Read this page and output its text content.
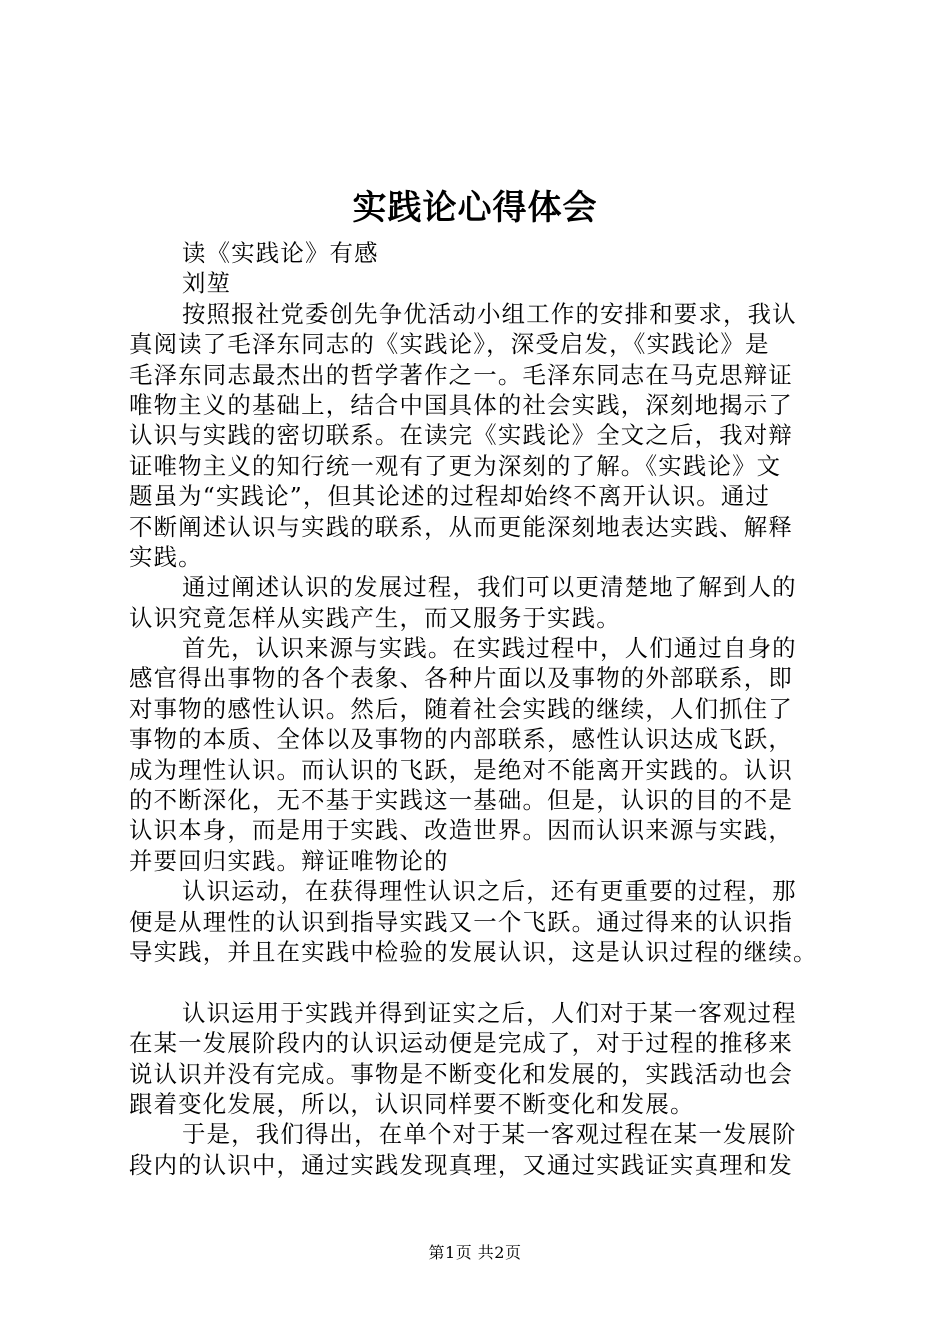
实践论心得体会
读《实践论》有感
刘堃
按照报社党委创先争优活动小组工作的安排和要求，我认
真阅读了毛泽东同志的《实践论》，深受启发，《实践论》是
毛泽东同志最杰出的哲学著作之一。毛泽东同志在马克思辩证
唯物主义的基础上，结合中国具体的社会实践，深刻地揭示了
认识与实践的密切联系。在读完《实践论》全文之后，我对辩
证唯物主义的知行统一观有了更为深刻的了解。《实践论》文
题虽为“实践论”，但其论述的过程却始终不离开认识。通过
不断阐述认识与实践的联系，从而更能深刻地表达实践、解释
实践。
通过阐述认识的发展过程，我们可以更清楚地了解到人的
认识究竟怎样从实践产生，而又服务于实践。
首先，认识来源与实践。在实践过程中，人们通过自身的
感官得出事物的各个表象、各种片面以及事物的外部联系，即
对事物的感性认识。然后，随着社会实践的继续，人们抓住了
事物的本质、全体以及事物的内部联系，感性认识达成飞跃，
成为理性认识。而认识的飞跃，是绝对不能离开实践的。认识
的不断深化，无不基于实践这一基础。但是，认识的目的不是
认识本身，而是用于实践、改造世界。因而认识来源与实践，
并要回归实践。辩证唯物论的
认识运动，在获得理性认识之后，还有更重要的过程，那
便是从理性的认识到指导实践又一个飞跃。通过得来的认识指
导实践，并且在实践中检验的发展认识，这是认识过程的继续。
认识运用于实践并得到证实之后，人们对于某一客观过程
在某一发展阶段内的认识运动便是完成了，对于过程的推移来
说认识并没有完成。事物是不断变化和发展的，实践活动也会
跟着变化发展，所以，认识同样要不断变化和发展。
于是，我们得出，在单个对于某一客观过程在某一发展阶
段内的认识中，通过实践发现真理，又通过实践证实真理和发
第1页 共2页
